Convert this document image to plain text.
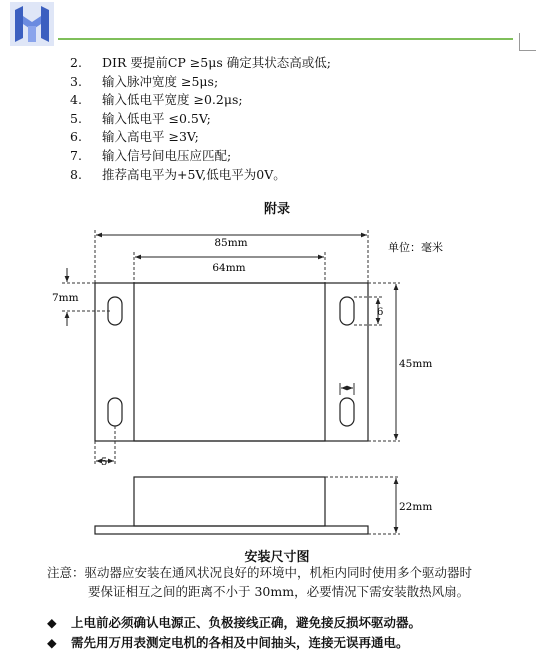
2. DIR 要提前CP ≥5μs 确定其状态高或低;
3. 输入脉冲宽度 ≥5μs;
4. 输入低电平宽度 ≥0.2μs;
5. 输入低电平 ≤0.5V;
6. 输入高电平 ≥3V;
7. 输入信号间电压应匹配;
8. 推荐高电平为+5V,低电平为0V。
附录
单位：毫米
85mm
64mm
7mm
6
45mm
5
22mm
安装尺寸图
注意：驱动器应安装在通风状况良好的环境中，机柜内同时使用多个驱动器时
要保证相互之间的距离不小于 30mm，必要情况下需安装散热风扇。
◆ 上电前必须确认电源正、负极接线正确，避免接反损坏驱动器。
◆ 需先用万用表测定电机的各相及中间抽头，连接无误再通电。
